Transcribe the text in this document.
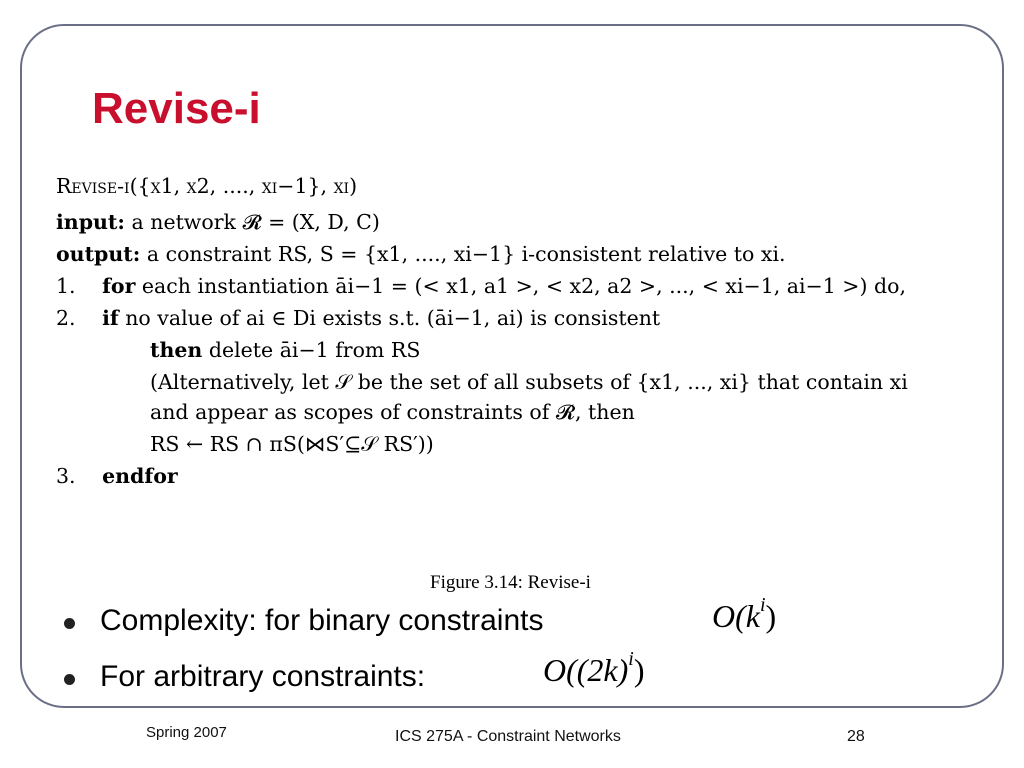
Revise-i
Revise-i({x1, x2, ...., xi−1}, xi)
input: a network 𝓡 = (X, D, C)
output: a constraint RS, S = {x1, ...., xi−1} i-consistent relative to xi.
1. for each instantiation āi−1 = (< x1, a1 >, < x2, a2 >, ..., < xi−1, ai−1 >) do,
2. if no value of ai ∈ Di exists s.t. (āi−1, ai) is consistent
then delete āi−1 from RS
(Alternatively, let 𝒮 be the set of all subsets of {x1, ..., xi} that contain xi
and appear as scopes of constraints of 𝓡, then
RS ← RS ∩ πS(⋈S′⊆𝒮 RS′))
3. endfor
Figure 3.14: Revise-i
Complexity: for binary constraints	$O(k^i)$
For arbitrary constraints:	$O((2k)^i)$
Spring 2007	ICS 275A - Constraint Networks	28
